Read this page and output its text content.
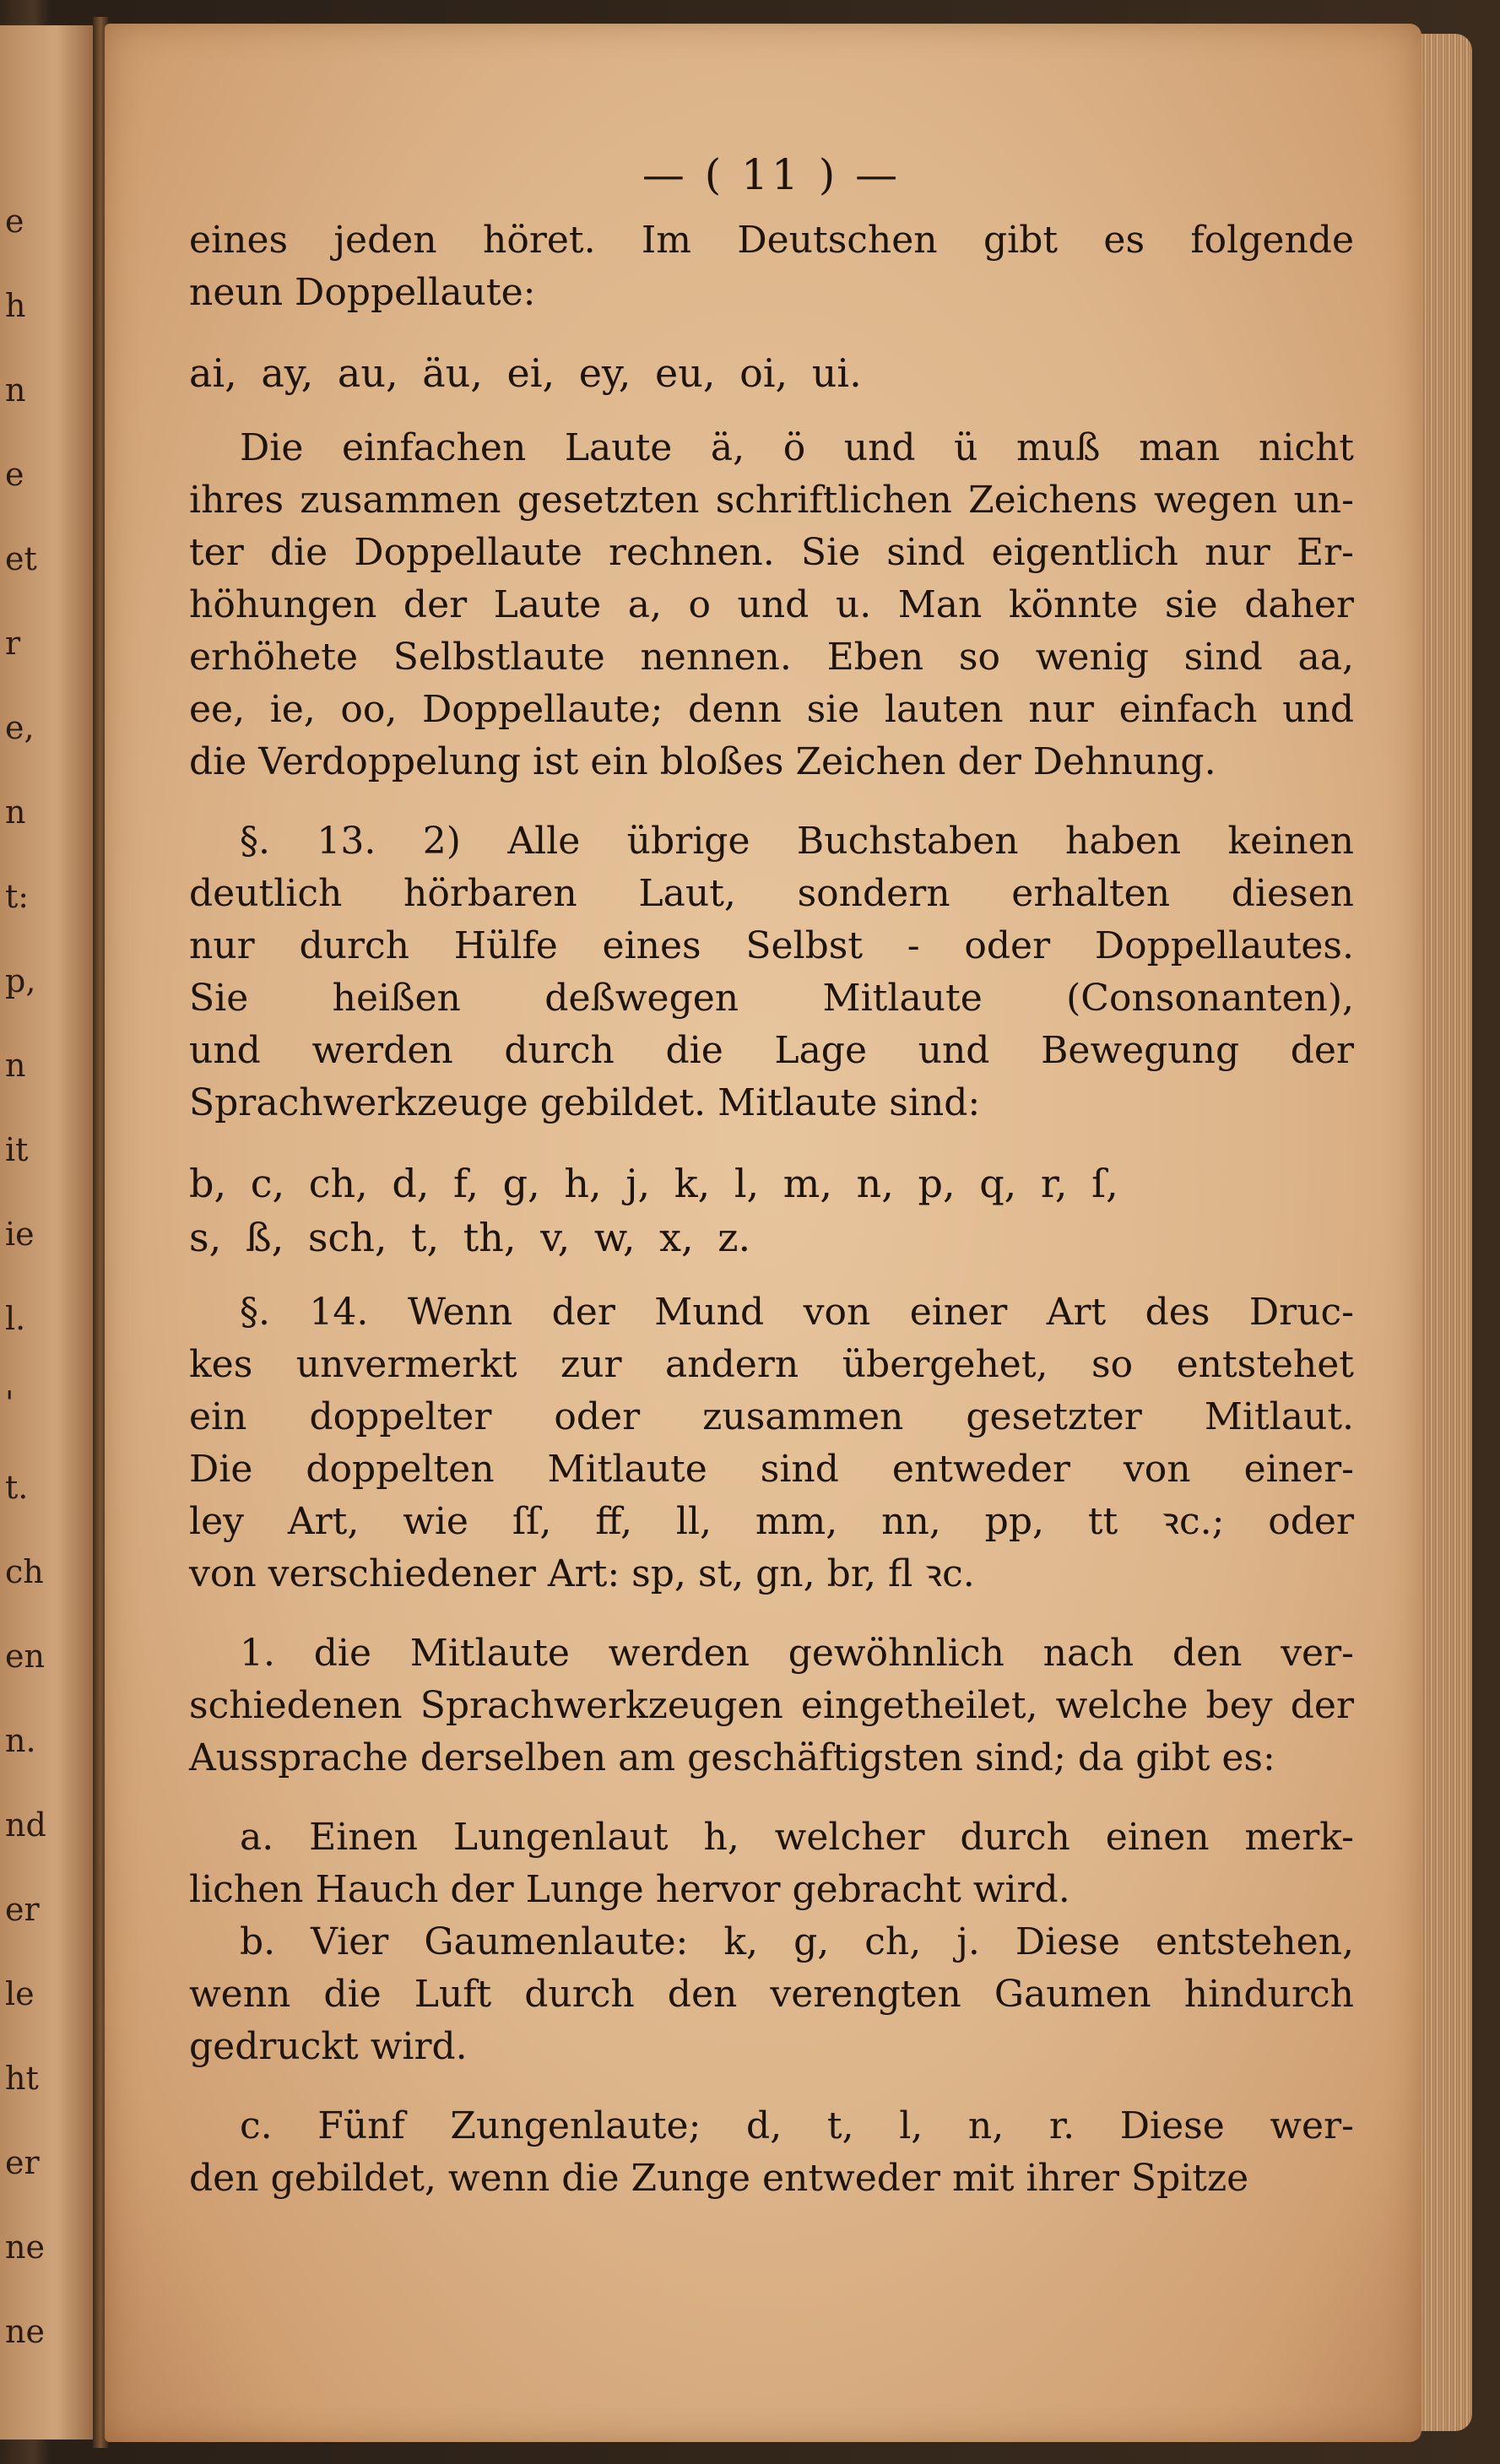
e
h
n
e
et
r
e,
n
t:
p,
n
it
ie
l.
'
t.
ch
en
n.
nd
er
le
ht
er
ne
ne
— ( 11 ) —
eines jeden höret. Im Deutschen gibt es folgende
neun Doppellaute:
ai, ay, au, äu, ei, ey, eu, oi, ui.
Die einfachen Laute ä, ö und ü muß man nicht
ihres zusammen gesetzten schriftlichen Zeichens wegen un-
ter die Doppellaute rechnen. Sie sind eigentlich nur Er-
höhungen der Laute a, o und u. Man könnte sie daher
erhöhete Selbstlaute nennen. Eben so wenig sind aa,
ee, ie, oo, Doppellaute; denn sie lauten nur einfach und
die Verdoppelung ist ein bloßes Zeichen der Dehnung.
§. 13. 2) Alle übrige Buchstaben haben keinen
deutlich hörbaren Laut, sondern erhalten diesen
nur durch Hülfe eines Selbst - oder Doppellautes.
Sie heißen deßwegen Mitlaute (Consonanten),
und werden durch die Lage und Bewegung der
Sprachwerkzeuge gebildet. Mitlaute sind:
b, c, ch, d, f, g, h, j, k, l, m, n, p, q, r, ſ,
s, ß, sch, t, th, v, w, x, z.
§. 14. Wenn der Mund von einer Art des Druc-
kes unvermerkt zur andern übergehet, so entstehet
ein doppelter oder zusammen gesetzter Mitlaut.
Die doppelten Mitlaute sind entweder von einer-
ley Art, wie ſſ, ff, ll, mm, nn, pp, tt ꝛc.; oder
von verschiedener Art: sp, st, gn, br, fl ꝛc.
1. die Mitlaute werden gewöhnlich nach den ver-
schiedenen Sprachwerkzeugen eingetheilet, welche bey der
Aussprache derselben am geschäftigsten sind; da gibt es:
a. Einen Lungenlaut h, welcher durch einen merk-
lichen Hauch der Lunge hervor gebracht wird.
b. Vier Gaumenlaute: k, g, ch, j. Diese entstehen,
wenn die Luft durch den verengten Gaumen hindurch
gedruckt wird.
c. Fünf Zungenlaute; d, t, l, n, r. Diese wer-
den gebildet, wenn die Zunge entweder mit ihrer Spitze
